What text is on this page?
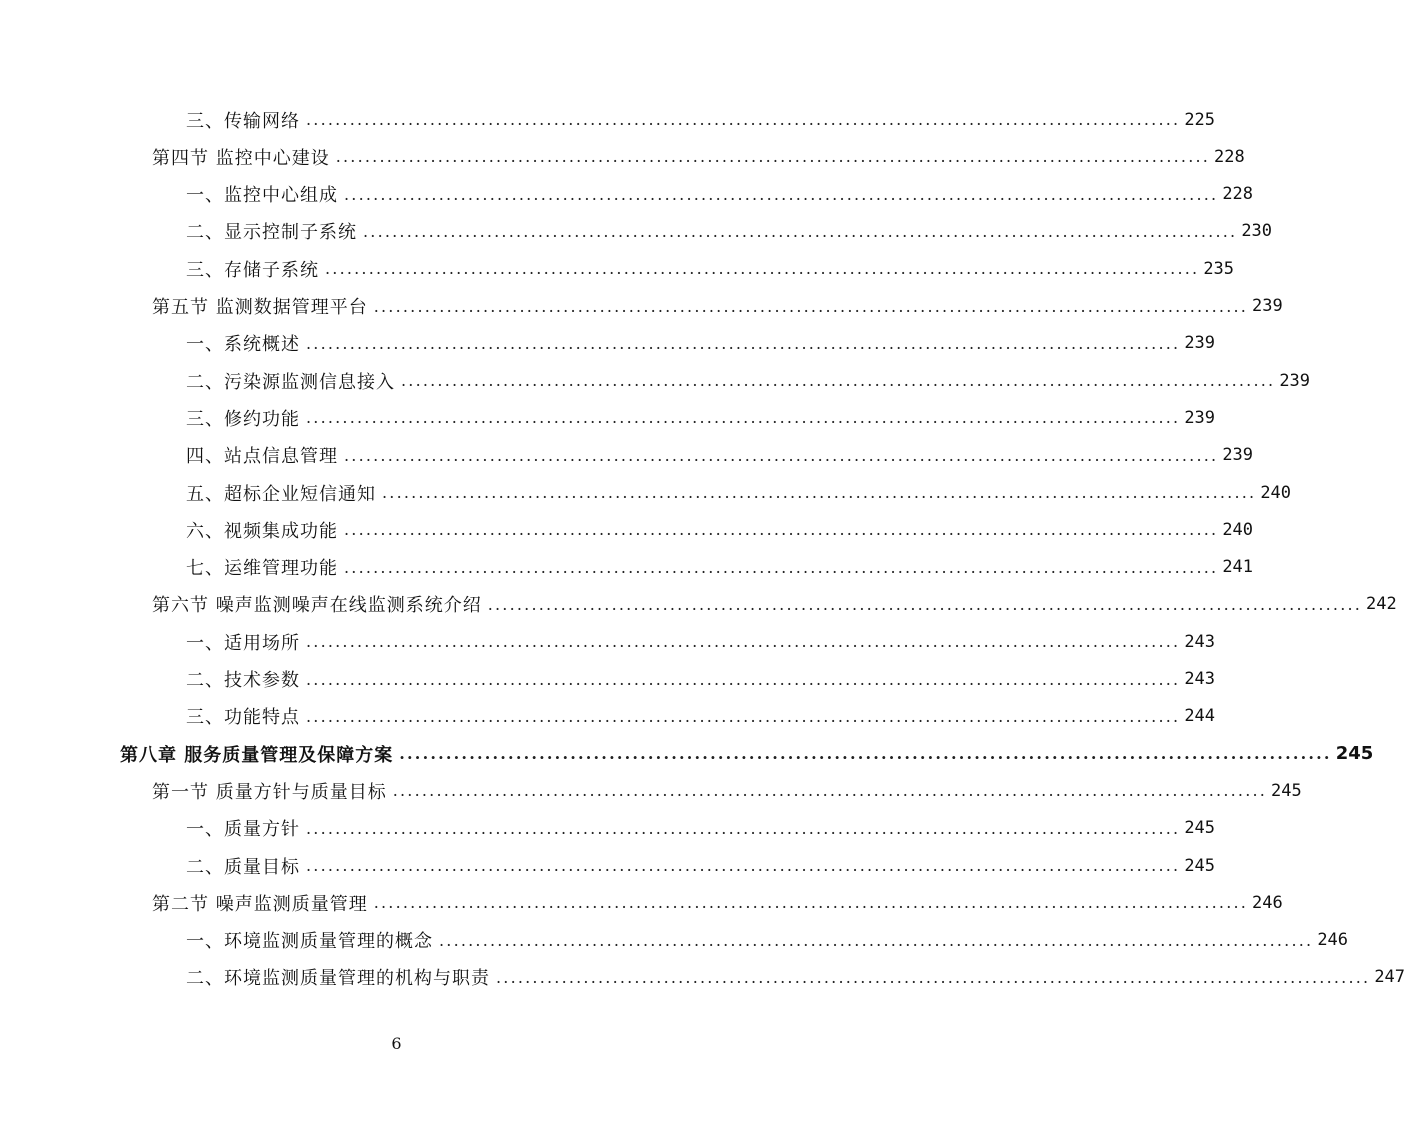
三、传输网络 ........................................................................................................................ 225
第四节 监控中心建设 ........................................................................................................................ 228
一、监控中心组成 ........................................................................................................................ 228
二、显示控制子系统 ........................................................................................................................ 230
三、存储子系统 ........................................................................................................................ 235
第五节 监测数据管理平台 ........................................................................................................................ 239
一、系统概述 ........................................................................................................................ 239
二、污染源监测信息接入 ........................................................................................................................ 239
三、修约功能 ........................................................................................................................ 239
四、站点信息管理 ........................................................................................................................ 239
五、超标企业短信通知 ........................................................................................................................ 240
六、视频集成功能 ........................................................................................................................ 240
七、运维管理功能 ........................................................................................................................ 241
第六节 噪声监测噪声在线监测系统介绍 ........................................................................................................................ 242
一、适用场所 ........................................................................................................................ 243
二、技术参数 ........................................................................................................................ 243
三、功能特点 ........................................................................................................................ 244
第八章 服务质量管理及保障方案 ........................................................................................................................ 245
第一节 质量方针与质量目标 ........................................................................................................................ 245
一、质量方针 ........................................................................................................................ 245
二、质量目标 ........................................................................................................................ 245
第二节 噪声监测质量管理 ........................................................................................................................ 246
一、环境监测质量管理的概念 ........................................................................................................................ 246
二、环境监测质量管理的机构与职责 ........................................................................................................................ 247
6
